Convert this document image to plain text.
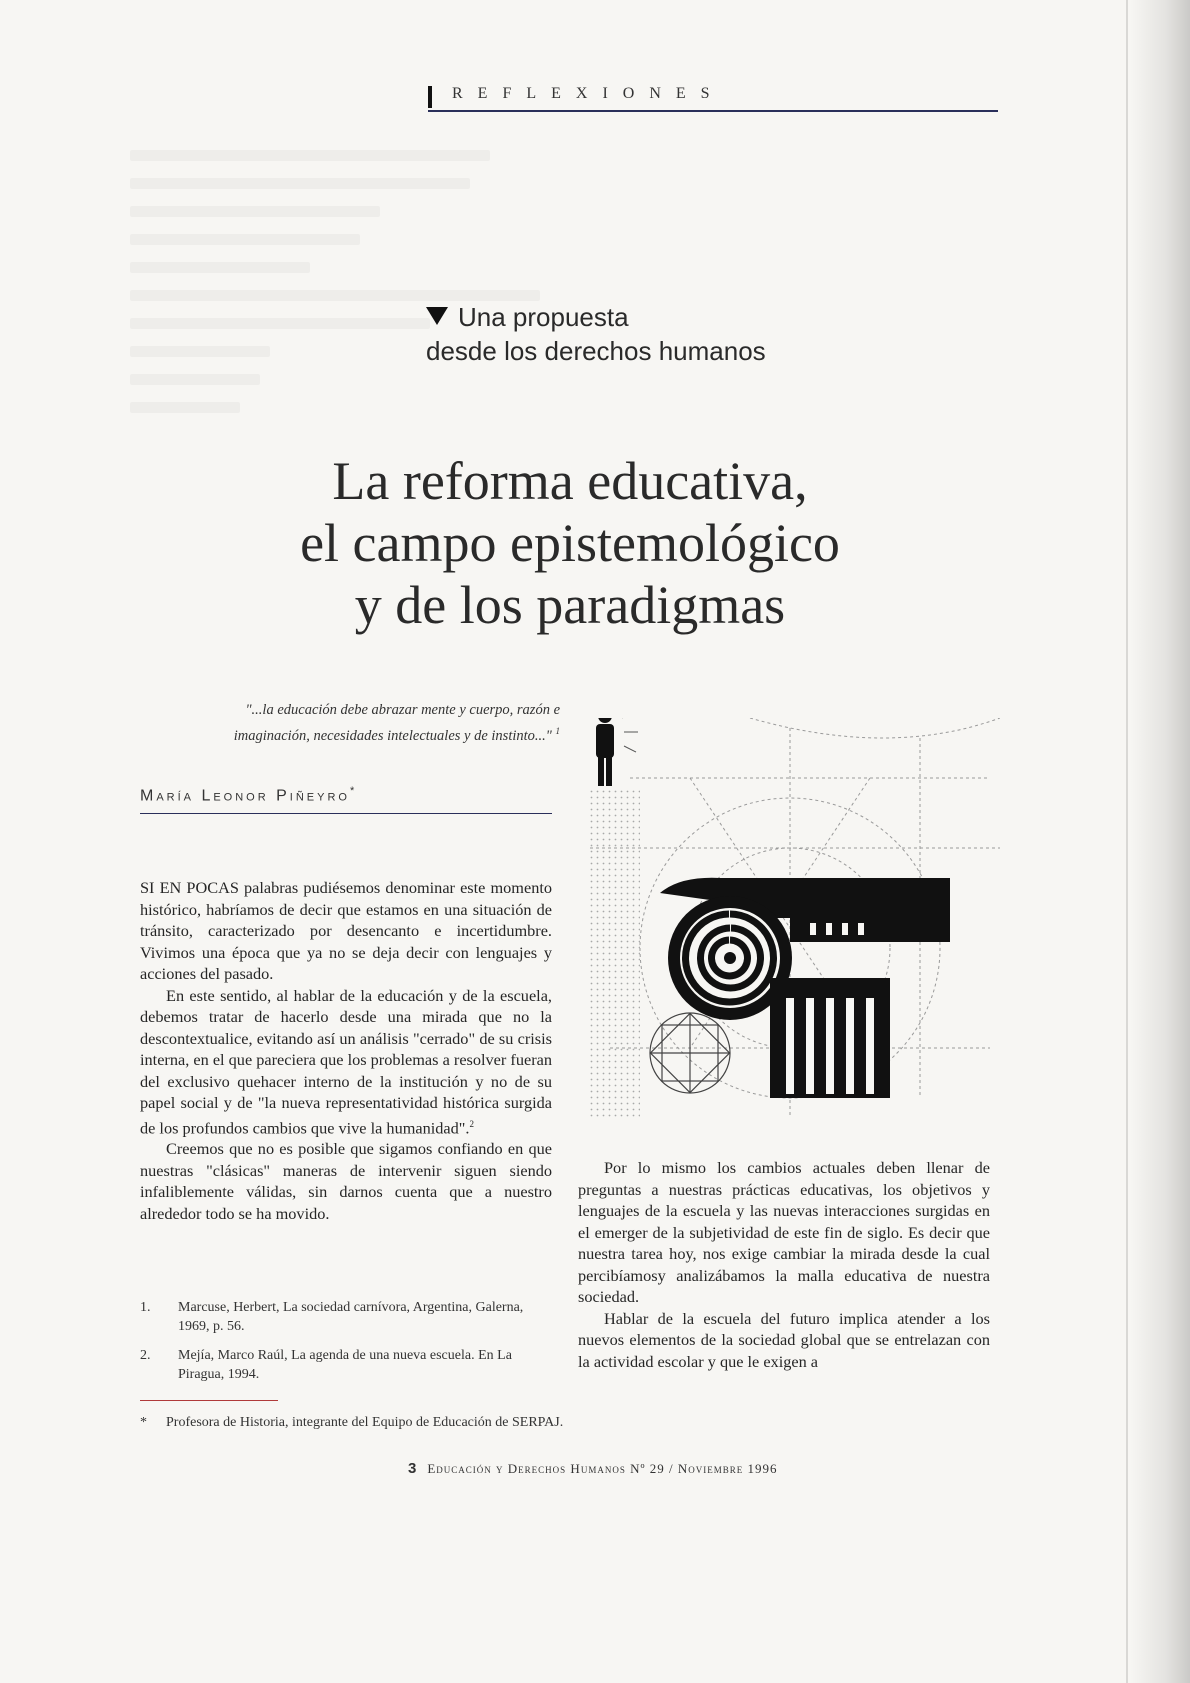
REFLEXIONES
Una propuesta
desde los derechos humanos
La reforma educativa,
el campo epistemológico
y de los paradigmas
"...la educación debe abrazar mente y cuerpo, razón e
imaginación, necesidades intelectuales y de instinto..." $^1$
María Leonor Piñeyro*

SI EN POCAS palabras pudiésemos denominar este momento histórico, habríamos de decir que estamos en una situación de tránsito, caracterizado por desencanto e incertidumbre. Vivimos una época que ya no se deja decir con lenguajes y acciones del pasado.

En este sentido, al hablar de la educación y de la escuela, debemos tratar de hacerlo desde una mirada que no la descontextualice, evitando así un análisis "cerrado" de su crisis interna, en el que pareciera que los problemas a resolver fueran del exclusivo quehacer interno de la institución y no de su papel social y de "la nueva representatividad histórica surgida de los profundos cambios que vive la humanidad".$^2$

Creemos que no es posible que sigamos confiando en que nuestras "clásicas" maneras de intervenir siguen siendo infaliblemente válidas, sin darnos cuenta que a nuestro alrededor todo se ha movido.

1. Marcuse, Herbert, La sociedad carnívora, Argentina, Galerna, 1969, p. 56.
2. Mejía, Marco Raúl, La agenda de una nueva escuela. En La Piragua, 1994.

Por lo mismo los cambios actuales deben llenar de preguntas a nuestras prácticas educativas, los objetivos y lenguajes de la escuela y las nuevas interacciones surgidas en el emerger de la subjetividad de este fin de siglo. Es decir que nuestra tarea hoy, nos exige cambiar la mirada desde la cual percibíamosy analizábamos la malla educativa de nuestra sociedad.

Hablar de la escuela del futuro implica atender a los nuevos elementos de la sociedad global que se entrelazan con la actividad escolar y que le exigen a

* Profesora de Historia, integrante del Equipo de Educación de SERPAJ.
3 Educación y Derechos Humanos Nº 29 / Noviembre 1996
